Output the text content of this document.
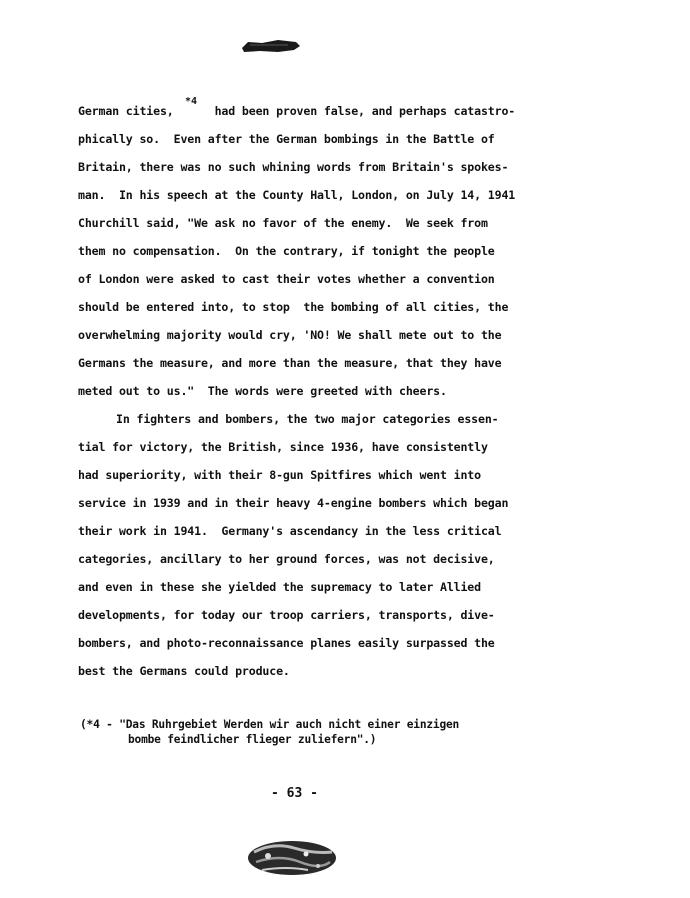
German cities,      had been proven false, and perhaps catastro-
*4
phically so.  Even after the German bombings in the Battle of
Britain, there was no such whining words from Britain's spokes-
man.  In his speech at the County Hall, London, on July 14, 1941
Churchill said, "We ask no favor of the enemy.  We seek from
them no compensation.  On the contrary, if tonight the people
of London were asked to cast their votes whether a convention
should be entered into, to stop  the bombing of all cities, the
overwhelming majority would cry, 'NO! We shall mete out to the
Germans the measure, and more than the measure, that they have
meted out to us."  The words were greeted with cheers.
In fighters and bombers, the two major categories essen-
tial for victory, the British, since 1936, have consistently
had superiority, with their 8-gun Spitfires which went into
service in 1939 and in their heavy 4-engine bombers which began
their work in 1941.  Germany's ascendancy in the less critical
categories, ancillary to her ground forces, was not decisive,
and even in these she yielded the supremacy to later Allied
developments, for today our troop carriers, transports, dive-
bombers, and photo-reconnaissance planes easily surpassed the
best the Germans could produce.
(*4 - "Das Ruhrgebiet Werden wir auch nicht einer einzigen
bombe feindlicher flieger zuliefern".)
- 63 -
